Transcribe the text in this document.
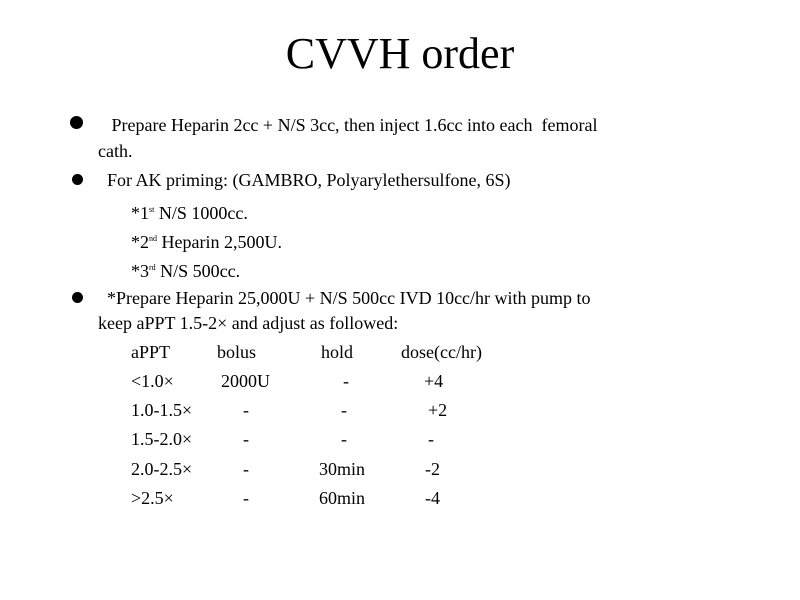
CVVH order
Prepare Heparin 2cc + N/S 3cc, then inject 1.6cc into each  femoral
cath.
For AK priming: (GAMBRO, Polyarylethersulfone, 6S)
*1st N/S 1000cc.
*2nd Heparin 2,500U.
*3rd N/S 500cc.
*Prepare Heparin 25,000U + N/S 500cc IVD 10cc/hr with pump to
keep aPPT 1.5-2× and adjust as followed:
aPPT	bolus	hold	dose(cc/hr)
<1.0×	2000U	-	+4
1.0-1.5×	-	-	+2
1.5-2.0×	-	-	-
2.0-2.5×	-	30min	-2
>2.5×	-	60min	-4
